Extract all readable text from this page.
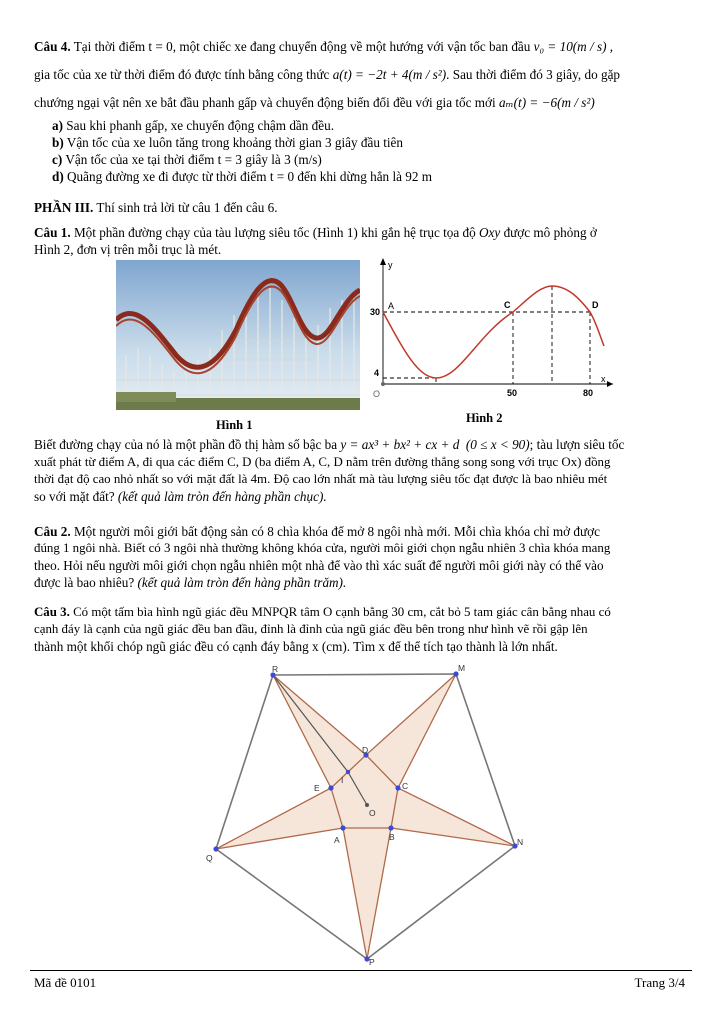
Câu 4. Tại thời điểm t = 0, một chiếc xe đang chuyển động về một hướng với vận tốc ban đầu v₀ = 10(m / s) ,
gia tốc của xe từ thời điểm đó được tính bằng công thức a(t) = −2t + 4(m / s²). Sau thời điểm đó 3 giây, do gặp
chướng ngại vật nên xe bắt đầu phanh gấp và chuyển động biến đổi đều với gia tốc mới aₘ(t) = −6(m / s²)
a) Sau khi phanh gấp, xe chuyển động chậm dần đều.
b) Vận tốc của xe luôn tăng trong khoảng thời gian 3 giây đầu tiên
c) Vận tốc của xe tại thời điểm t = 3 giây là 3 (m/s)
d) Quãng đường xe đi được từ thời điểm t = 0 đến khi dừng hẳn là 92 m
PHẦN III. Thí sinh trả lời từ câu 1 đến câu 6.
Câu 1. Một phần đường chạy của tàu lượng siêu tốc (Hình 1) khi gắn hệ trục tọa độ Oxy được mô phỏng ở
Hình 2, đơn vị trên mỗi trục là mét.
Hình 1
y
x
O
A	C	D
30
4
50	80
Hình 2
Biết đường chạy của nó là một phần đồ thị hàm số bậc ba y = ax³ + bx² + cx + d (0 ≤ x < 90); tàu lượn siêu tốc
xuất phát từ điểm A, đi qua các điểm C, D (ba điểm A, C, D nằm trên đường thẳng song song với trục Ox) đồng
thời đạt độ cao nhỏ nhất so với mặt đất là 4m. Độ cao lớn nhất mà tàu lượng siêu tốc đạt được là bao nhiêu mét
so với mặt đất? (kết quả làm tròn đến hàng phần chục).
Câu 2. Một người môi giới bất động sản có 8 chìa khóa để mở 8 ngôi nhà mới. Mỗi chìa khóa chỉ mở được
đúng 1 ngôi nhà. Biết có 3 ngôi nhà thường không khóa cửa, người môi giới chọn ngẫu nhiên 3 chìa khóa mang
theo. Hỏi nếu người môi giới chọn ngẫu nhiên một nhà để vào thì xác suất để người môi giới này có thể vào
được là bao nhiêu? (kết quả làm tròn đến hàng phần trăm).
Câu 3. Có một tấm bìa hình ngũ giác đều MNPQR tâm O cạnh bằng 30 cm, cắt bỏ 5 tam giác cân bằng nhau có
cạnh đáy là cạnh của ngũ giác đều ban đầu, đỉnh là đỉnh của ngũ giác đều bên trong như hình vẽ rồi gập lên
thành một khối chóp ngũ giác đều có cạnh đáy bằng x (cm). Tìm x để thể tích tạo thành là lớn nhất.
R	M
N
P
Q
D
C
B
A
E
O
I
Mã đề 0101	Trang 3/4
